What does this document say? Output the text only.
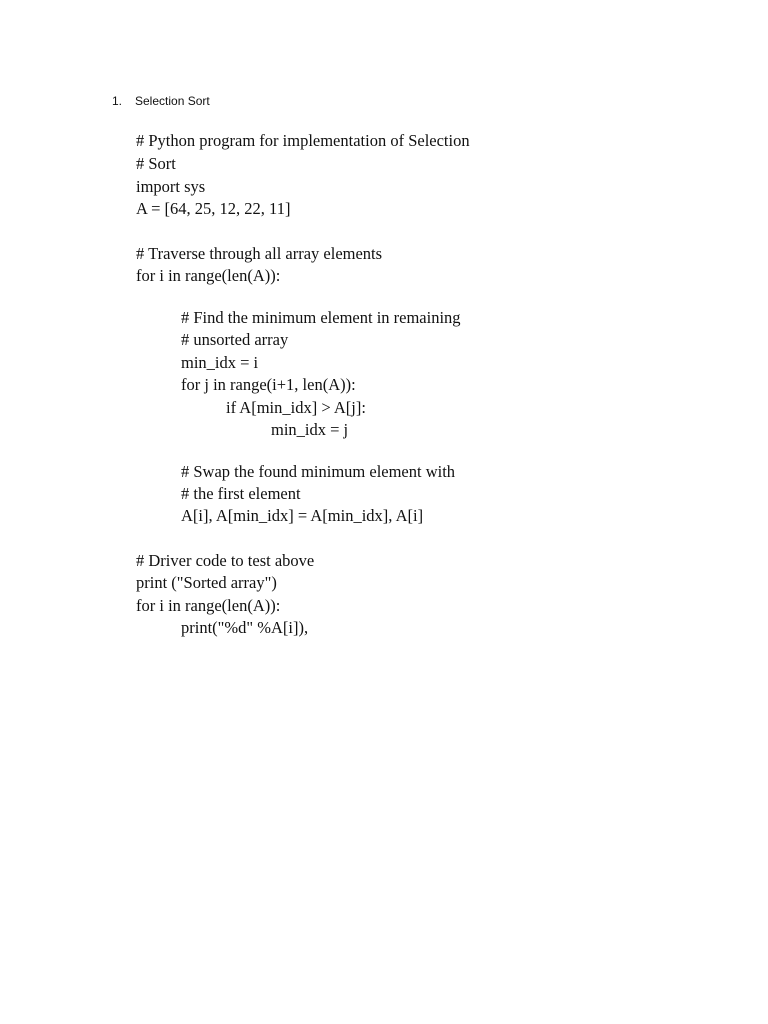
1. Selection Sort
# Python program for implementation of Selection
# Sort
import sys
A = [64, 25, 12, 22, 11]
# Traverse through all array elements
for i in range(len(A)):
# Find the minimum element in remaining
# unsorted array
min_idx = i
for j in range(i+1, len(A)):
if A[min_idx] > A[j]:
min_idx = j
# Swap the found minimum element with
# the first element
A[i], A[min_idx] = A[min_idx], A[i]
# Driver code to test above
print ("Sorted array")
for i in range(len(A)):
print("%d" %A[i]),
